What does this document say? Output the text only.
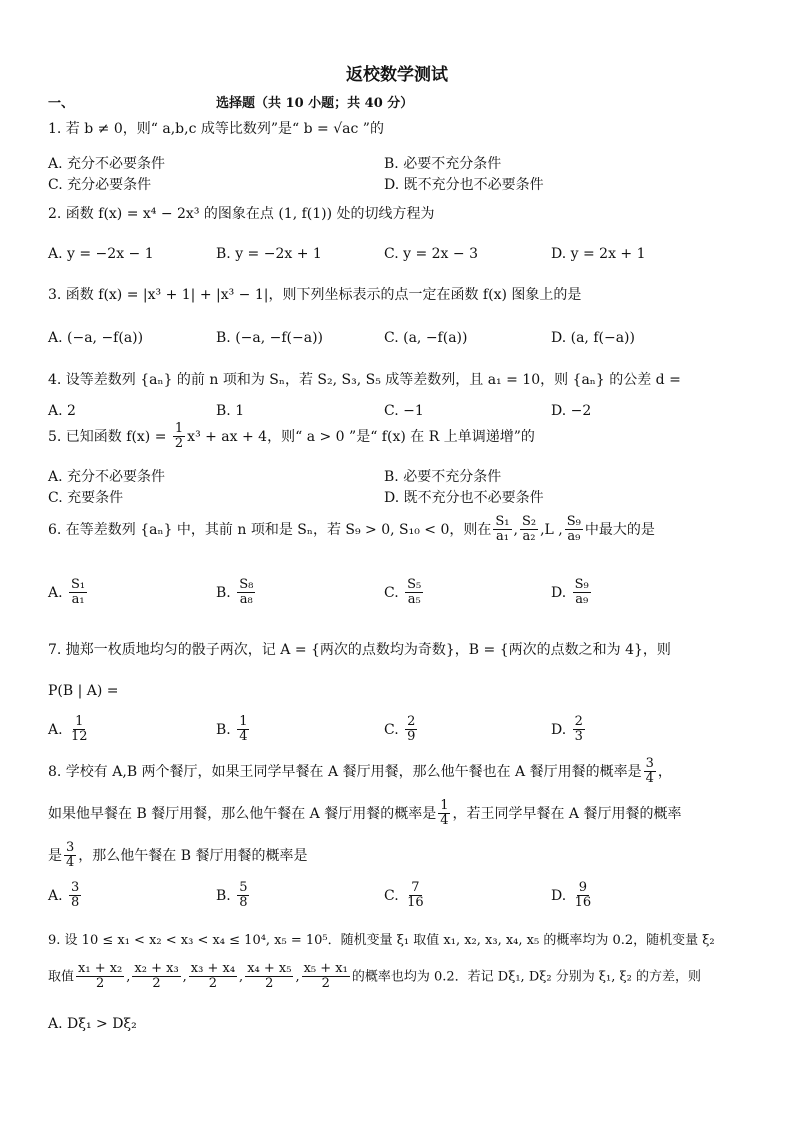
返校数学测试
一、	选择题（共 10 小题；共 40 分）
1. 若 b ≠ 0，则“ a,b,c 成等比数列”是“ b = √ac ”的
A. 充分不必要条件	B. 必要不充分条件
C. 充分必要条件	D. 既不充分也不必要条件
2. 函数 f(x) = x⁴ − 2x³ 的图象在点 (1, f(1)) 处的切线方程为
A. y = −2x − 1	B. y = −2x + 1	C. y = 2x − 3	D. y = 2x + 1
3. 函数 f(x) = |x³ + 1| + |x³ − 1|，则下列坐标表示的点一定在函数 f(x) 图象上的是
A. (−a, −f(a))	B. (−a, −f(−a))	C. (a, −f(a))	D. (a, f(−a))
4. 设等差数列 {aₙ} 的前 n 项和为 Sₙ，若 S₂, S₃, S₅ 成等差数列，且 a₁ = 10，则 {aₙ} 的公差 d =
A. 2	B. 1	C. −1	D. −2
5. 已知函数 $f(x) = \frac{1}{2} x^3$ + ax + 4，则“ a > 0 ”是“ f(x) 在 R 上单调递增”的
A. 充分不必要条件	B. 必要不充分条件
C. 充要条件	D. 既不充分也不必要条件
6. 在等差数列 {aₙ} 中，其前 n 项和是 Sₙ，若 S₉ > 0, S₁₀ < 0，则在 $\frac{\text{S₁}}{\text{a₁}}$ , $\frac{\text{S₂}}{\text{a₂}} ,L$ , $\frac{\text{S₉}}{\text{a₉}}$ 中最大的是
A. $\frac{\text{S₁}}{\text{a₁}}$	B. $\frac{\text{S₈}}{\text{a₈}}$	C. $\frac{\text{S₅}}{\text{a₅}}$	D. $\frac{\text{S₉}}{\text{a₉}}$
7. 抛郑一枚质地均匀的骰子两次，记 A = {两次的点数均为奇数}，B = {两次的点数之和为 4}，则
P(B | A) =
A. $\frac{1}{12}$	B. $\frac{1}{4}$	C. $\frac{2}{9}$	D. $\frac{2}{3}$
8. 学校有 A,B 两个餐厅，如果王同学早餐在 A 餐厅用餐，那么他午餐也在 A 餐厅用餐的概率是 $\frac{3}{4}$ ，
如果他早餐在 B 餐厅用餐，那么他午餐在 A 餐厅用餐的概率是 $\frac{1}{4}$ ，若王同学早餐在 A 餐厅用餐的概率
是 $\frac{3}{4}$ ，那么他午餐在 B 餐厅用餐的概率是
A. $\frac{3}{8}$	B. $\frac{5}{8}$	C. $\frac{7}{16}$	D. $\frac{9}{16}$
9. 设 10 ≤ x₁ < x₂ < x₃ < x₄ ≤ 10⁴, x₅ = 10⁵．随机变量 ξ₁ 取值 x₁, x₂, x₃, x₄, x₅ 的概率均为 0.2，随机变量 ξ₂
取值 $\frac{\text{x₁ + x₂}}{2}$ , $\frac{\text{x₂ + x₃}}{2}$ , $\frac{\text{x₃ + x₄}}{2}$ , $\frac{\text{x₄ + x₅}}{2}$ , $\frac{\text{x₅ + x₁}}{2}$ 的概率也均为 0.2．若记 Dξ₁, Dξ₂ 分别为 ξ₁, ξ₂ 的方差，则
A. Dξ₁ > Dξ₂
